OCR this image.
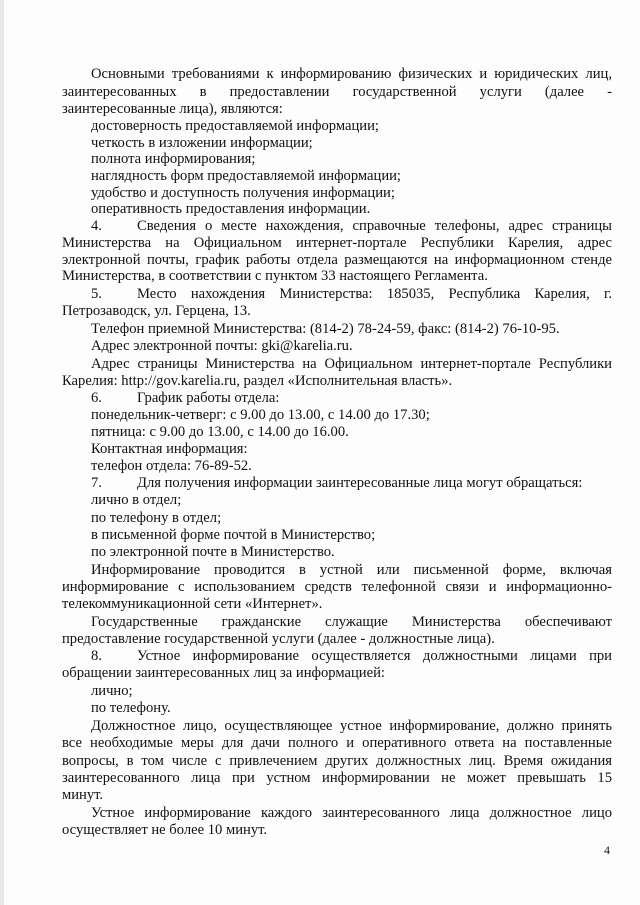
Основными требованиями к информированию физических и юридических лиц,
заинтересованных в предоставлении государственной услуги (далее -
заинтересованные лица), являются:
достоверность предоставляемой информации;
четкость в изложении информации;
полнота информирования;
наглядность форм предоставляемой информации;
удобство и доступность получения информации;
оперативность предоставления информации.
4. Сведения о месте нахождения, справочные телефоны, адрес страницы
Министерства на Официальном интернет-портале Республики Карелия, адрес
электронной почты, график работы отдела размещаются на информационном стенде
Министерства, в соответствии с пунктом 33 настоящего Регламента.
5. Место нахождения Министерства: 185035, Республика Карелия, г.
Петрозаводск, ул. Герцена, 13.
Телефон приемной Министерства: (814-2) 78-24-59, факс: (814-2) 76-10-95.
Адрес электронной почты: gki@karelia.ru.
Адрес страницы Министерства на Официальном интернет-портале Республики
Карелия: http://gov.karelia.ru, раздел «Исполнительная власть».
6. График работы отдела:
понедельник-четверг: с 9.00 до 13.00, с 14.00 до 17.30;
пятница: с 9.00 до 13.00, с 14.00 до 16.00.
Контактная информация:
телефон отдела: 76-89-52.
7. Для получения информации заинтересованные лица могут обращаться:
лично в отдел;
по телефону в отдел;
в письменной форме почтой в Министерство;
по электронной почте в Министерство.
Информирование проводится в устной или письменной форме, включая
информирование с использованием средств телефонной связи и информационно-
телекоммуникационной сети «Интернет».
Государственные гражданские служащие Министерства обеспечивают
предоставление государственной услуги (далее - должностные лица).
8. Устное информирование осуществляется должностными лицами при
обращении заинтересованных лиц за информацией:
лично;
по телефону.
Должностное лицо, осуществляющее устное информирование, должно принять
все необходимые меры для дачи полного и оперативного ответа на поставленные
вопросы, в том числе с привлечением других должностных лиц. Время ожидания
заинтересованного лица при устном информировании не может превышать 15
минут.
Устное информирование каждого заинтересованного лица должностное лицо
осуществляет не более 10 минут.
4
